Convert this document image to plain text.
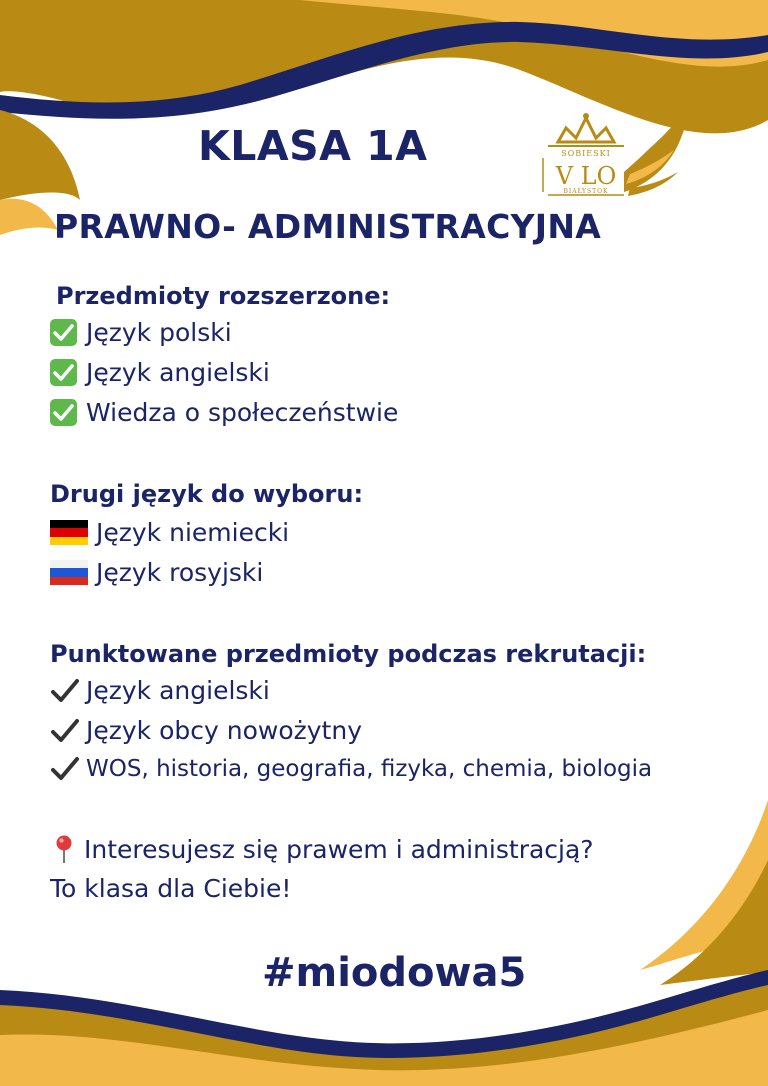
KLASA 1A	SOBIESKI
V LO
BIAŁYSTOK
PRAWNO- ADMINISTRACYJNA
Przedmioty rozszerzone:
Język polski
Język angielski
Wiedza o społeczeństwie
Drugi język do wyboru:
Język niemiecki
Język rosyjski
Punktowane przedmioty podczas rekrutacji:
Język angielski
Język obcy nowożytny
WOS, historia, geografia, fizyka, chemia, biologia
Interesujesz się prawem i administracją?
To klasa dla Ciebie!
#miodowa5
